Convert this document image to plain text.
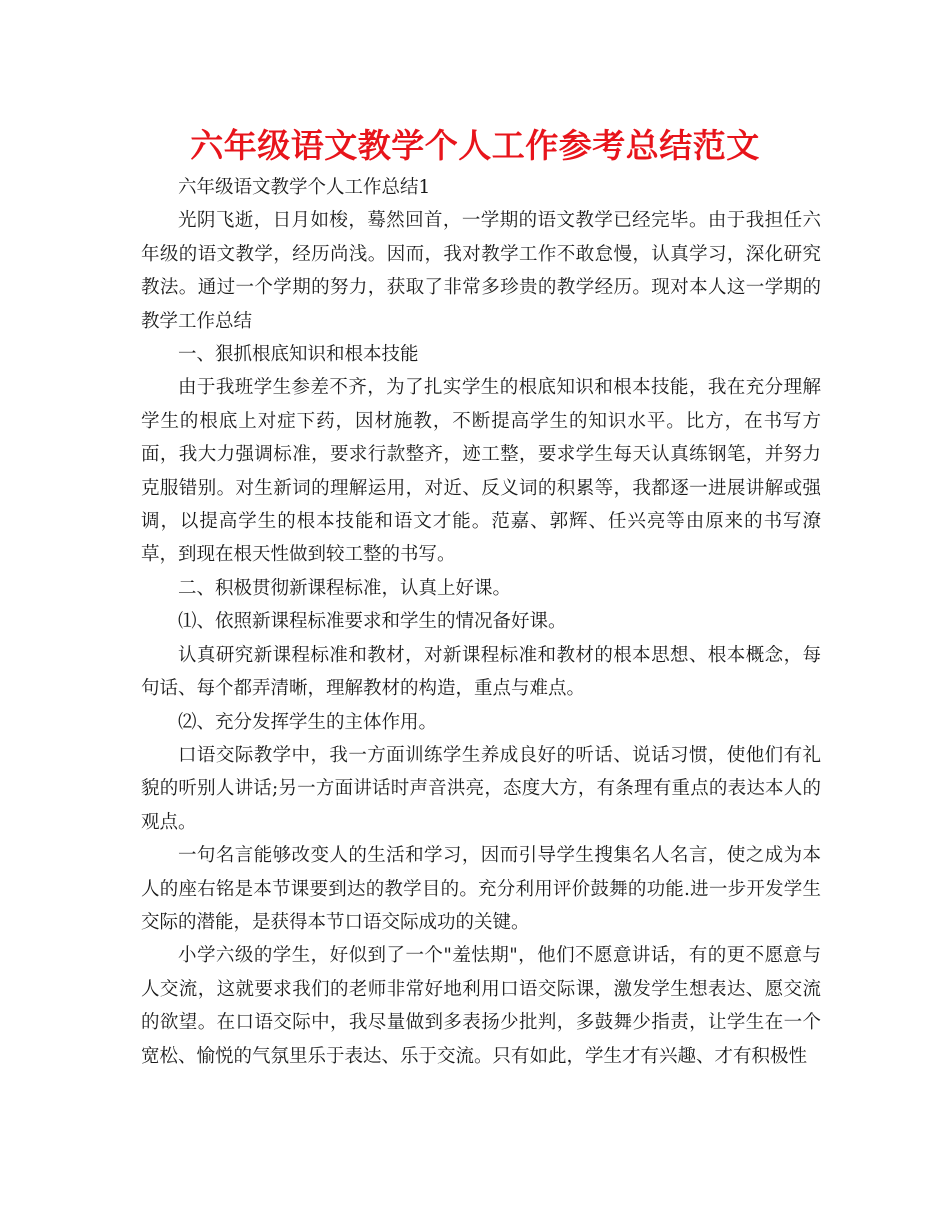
六年级语文教学个人工作参考总结范文

六年级语文教学个人工作总结1

光阴飞逝，日月如梭，蓦然回首，一学期的语文教学已经完毕。由于我担任六年级的语文教学，经历尚浅。因而，我对教学工作不敢怠慢，认真学习，深化研究教法。通过一个学期的努力，获取了非常多珍贵的教学经历。现对本人这一学期的教学工作总结

一、狠抓根底知识和根本技能

由于我班学生参差不齐，为了扎实学生的根底知识和根本技能，我在充分理解学生的根底上对症下药，因材施教，不断提高学生的知识水平。比方，在书写方面，我大力强调标准，要求行款整齐，迹工整，要求学生每天认真练钢笔，并努力克服错别。对生新词的理解运用，对近、反义词的积累等，我都逐一进展讲解或强调，以提高学生的根本技能和语文才能。范嘉、郭辉、任兴亮等由原来的书写潦草，到现在根天性做到较工整的书写。

二、积极贯彻新课程标准，认真上好课。

⑴、依照新课程标准要求和学生的情况备好课。

认真研究新课程标准和教材，对新课程标准和教材的根本思想、根本概念，每句话、每个都弄清晰，理解教材的构造，重点与难点。

⑵、充分发挥学生的主体作用。

口语交际教学中，我一方面训练学生养成良好的听话、说话习惯，使他们有礼貌的听别人讲话;另一方面讲话时声音洪亮，态度大方，有条理有重点的表达本人的观点。

一句名言能够改变人的生活和学习，因而引导学生搜集名人名言，使之成为本人的座右铭是本节课要到达的教学目的。充分利用评价鼓舞的功能.进一步开发学生交际的潜能，是获得本节口语交际成功的关键。

小学六级的学生，好似到了一个"羞怯期"，他们不愿意讲话，有的更不愿意与人交流，这就要求我们的老师非常好地利用口语交际课，激发学生想表达、愿交流的欲望。在口语交际中，我尽量做到多表扬少批判，多鼓舞少指责，让学生在一个宽松、愉悦的气氛里乐于表达、乐于交流。只有如此，学生才有兴趣、才有积极性
